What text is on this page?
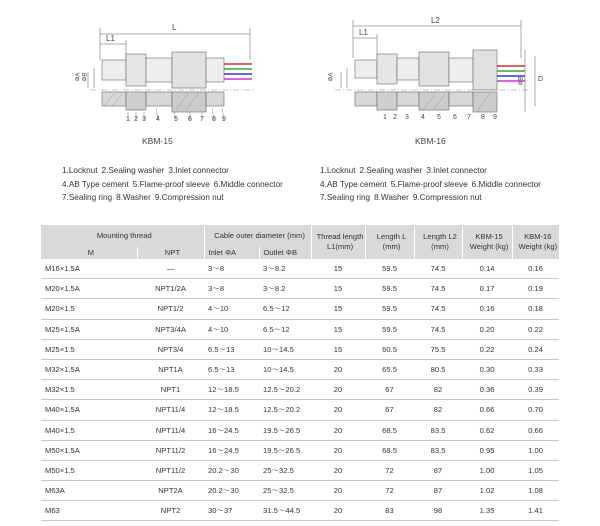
L
L1
ΦA ΦB
1 2 3 4 5 6 7 8 9
KBM-15
L2
L1
ΦA	ΦB D
1 2 3 4 5 6 7 8 9
KBM-16
1.Locknut 2.Sealing washer 3.Inlet connector
4.AB Type cement 5.Flame-proof sleeve 6.Middle connector
7.Sealing ring 8.Washer 9.Compression nut
1.Locknut 2.Sealing washer 3.Inlet connector
4.AB Type cement 5.Flame-proof sleeve 6.Middle connector
7.Sealing ring 8.Washer 9.Compression nut
Mounting thread		Cable outer diameter (mm)		Thread length L1(mm)	Length L (mm)	Length L2 (mm)	KBM-15 Weight (kg)	KBM-16 Weight (kg)
M	NPT	Inlet ΦA	Outlet ΦB					
M16×1.5A	—	3～8	3～8.2	15	59.5	74.5	0.14	0.16
M20×1.5A	NPT1/2A	3～8	3～8.2	15	59.5	74.5	0.17	0.19
M20×1.5	NPT1/2	4～10	6.5～12	15	59.5	74.5	0.16	0.18
M25×1.5A	NPT3/4A	4～10	6.5～12	15	59.5	74.5	0.20	0.22
M25×1.5	NPT3/4	6.5～13	10～14.5	15	60.5	75.5	0.22	0.24
M32×1.5A	NPT1A	6.5～13	10～14.5	20	65.5	80.5	0.30	0.33
M32×1.5	NPT1	12～18.5	12.5～20.2	20	67	82	0.36	0.39
M40×1.5A	NPT11/4	12～18.5	12.5～20.2	20	67	82	0.66	0.70
M40×1.5	NPT11/4	16～24.5	19.5～26.5	20	68.5	83.5	0.62	0.66
M50×1.5A	NPT11/2	16～24.5	19.5～26.5	20	68.5	83.5	0.95	1.00
M50×1.5	NPT11/2	20.2～30	25～32.5	20	72	87	1.00	1.05
M63A	NPT2A	20.2～30	25～32.5	20	72	87	1.02	1.08
M63	NPT2	30～37	31.5～44.5	20	83	98	1.35	1.41
